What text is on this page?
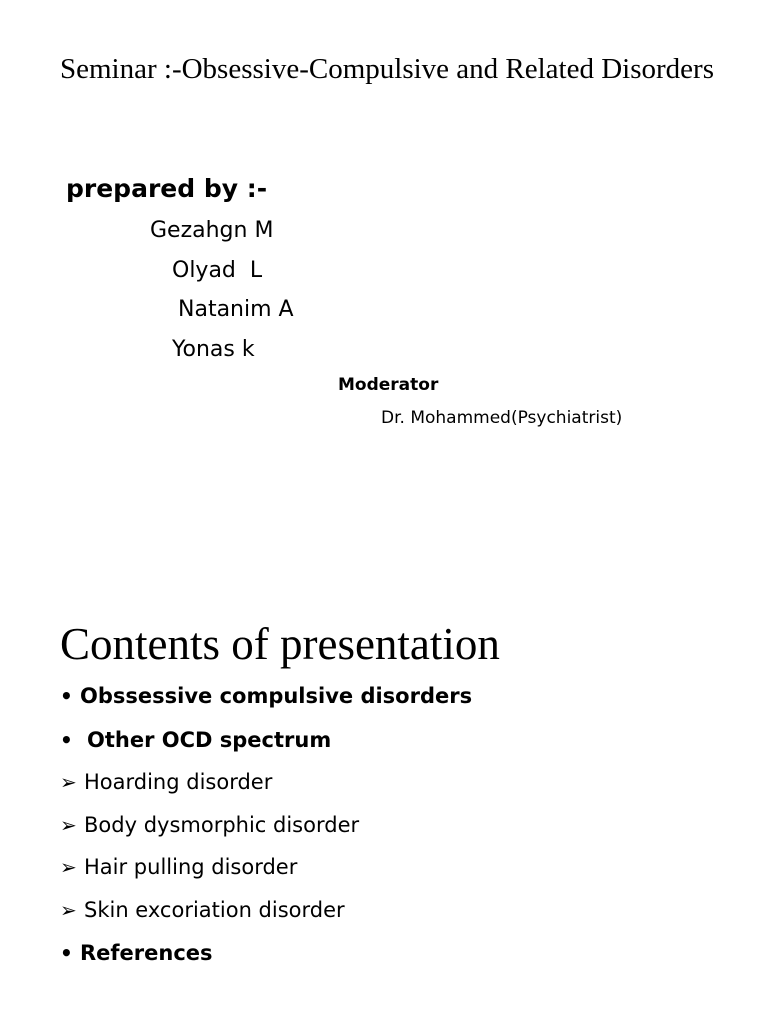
Seminar :-Obsessive-Compulsive and Related Disorders
prepared by :-
Gezahgn M
Olyad  L
Natanim A
Yonas k
Moderator
Dr. Mohammed(Psychiatrist)
Contents of presentation
• Obssessive compulsive disorders
• Other OCD spectrum
➢ Hoarding disorder
➢ Body dysmorphic disorder
➢ Hair pulling disorder
➢ Skin excoriation disorder
• References
